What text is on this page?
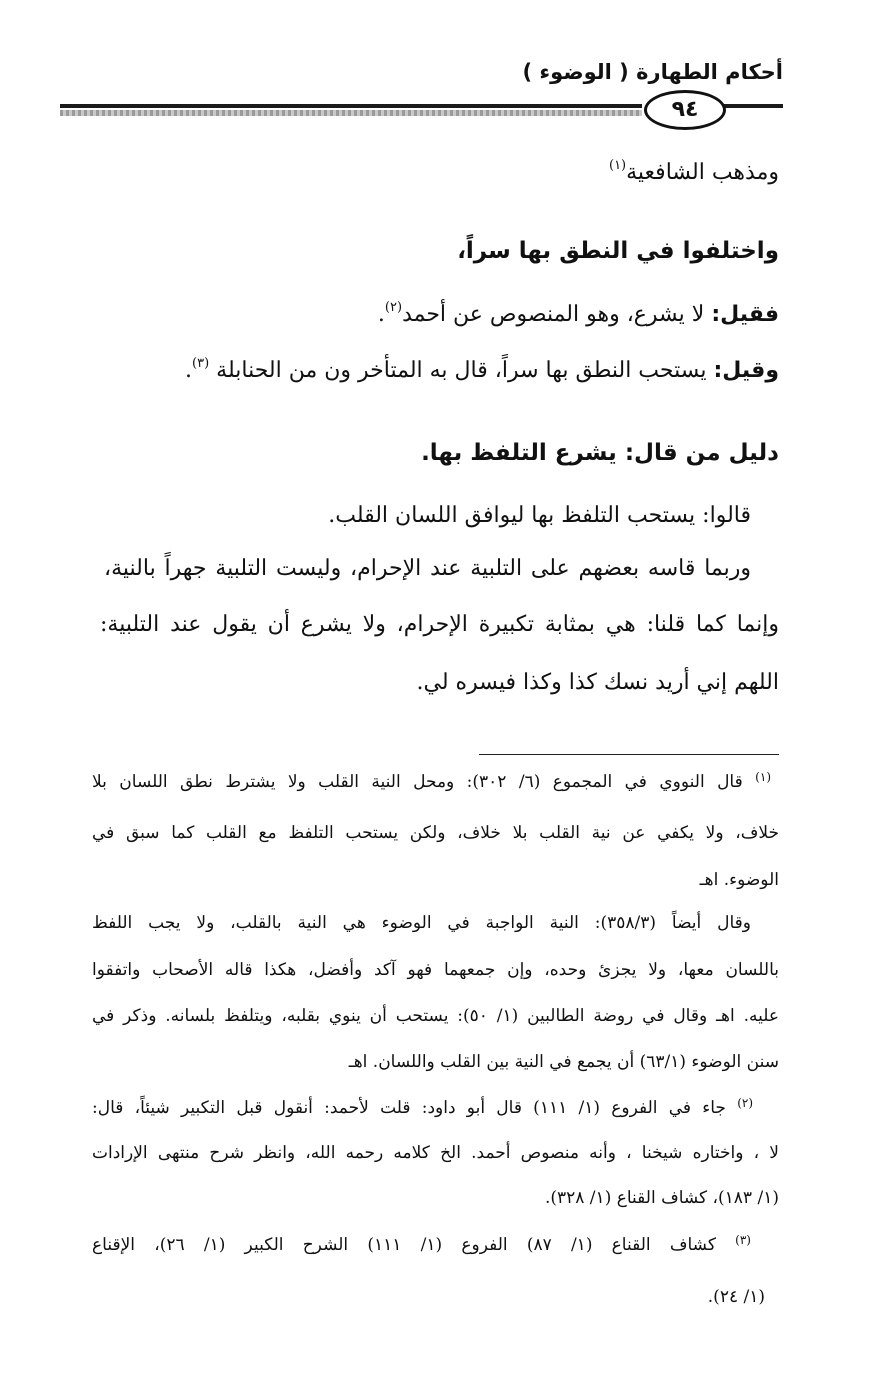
أحكام الطهارة ( الوضوء )
٩٤
ومذهب الشافعية$^{(١)}$
واختلفوا في النطق بها سراً،
فقيل: لا يشرع، وهو المنصوص عن أحمد$^{(٢)}$.
وقيل: يستحب النطق بها سراً، قال به المتأخر ون من الحنابلة $^{(٣)}$.
دليل من قال: يشرع التلفظ بها.
قالوا: يستحب التلفظ بها ليوافق اللسان القلب.
وربما قاسه بعضهم على التلبية عند الإحرام، وليست التلبية جهراً بالنية،
وإنما كما قلنا: هي بمثابة تكبيرة الإحرام، ولا يشرع أن يقول عند التلبية:
اللهم إني أريد نسك كذا وكذا فيسره لي.
$^{(١)}$ قال النووي في المجموع (٦/ ٣٠٢): ومحل النية القلب ولا يشترط نطق اللسان بلا
خلاف، ولا يكفي عن نية القلب بلا خلاف، ولكن يستحب التلفظ مع القلب كما سبق في
الوضوء. اهـ
وقال أيضاً (٣٥٨/٣): النية الواجبة في الوضوء هي النية بالقلب، ولا يجب اللفظ
باللسان معها، ولا يجزئ وحده، وإن جمعهما فهو آكد وأفضل، هكذا قاله الأصحاب واتفقوا
عليه. اهـ وقال في روضة الطالبين (١/ ٥٠): يستحب أن ينوي بقلبه، ويتلفظ بلسانه. وذكر في
سنن الوضوء (٦٣/١) أن يجمع في النية بين القلب واللسان. اهـ
$^{(٢)}$ جاء في الفروع (١/ ١١١) قال أبو داود: قلت لأحمد: أنقول قبل التكبير شيئاً، قال:
لا ، واختاره شيخنا ، وأنه منصوص أحمد. الخ كلامه رحمه الله، وانظر شرح منتهى الإرادات
(١/ ١٨٣)، كشاف القناع (١/ ٣٢٨).
$^{(٣)}$ كشاف القناع (١/ ٨٧) الفروع (١/ ١١١) الشرح الكبير (١/ ٢٦)، الإقناع
(١/ ٢٤).
